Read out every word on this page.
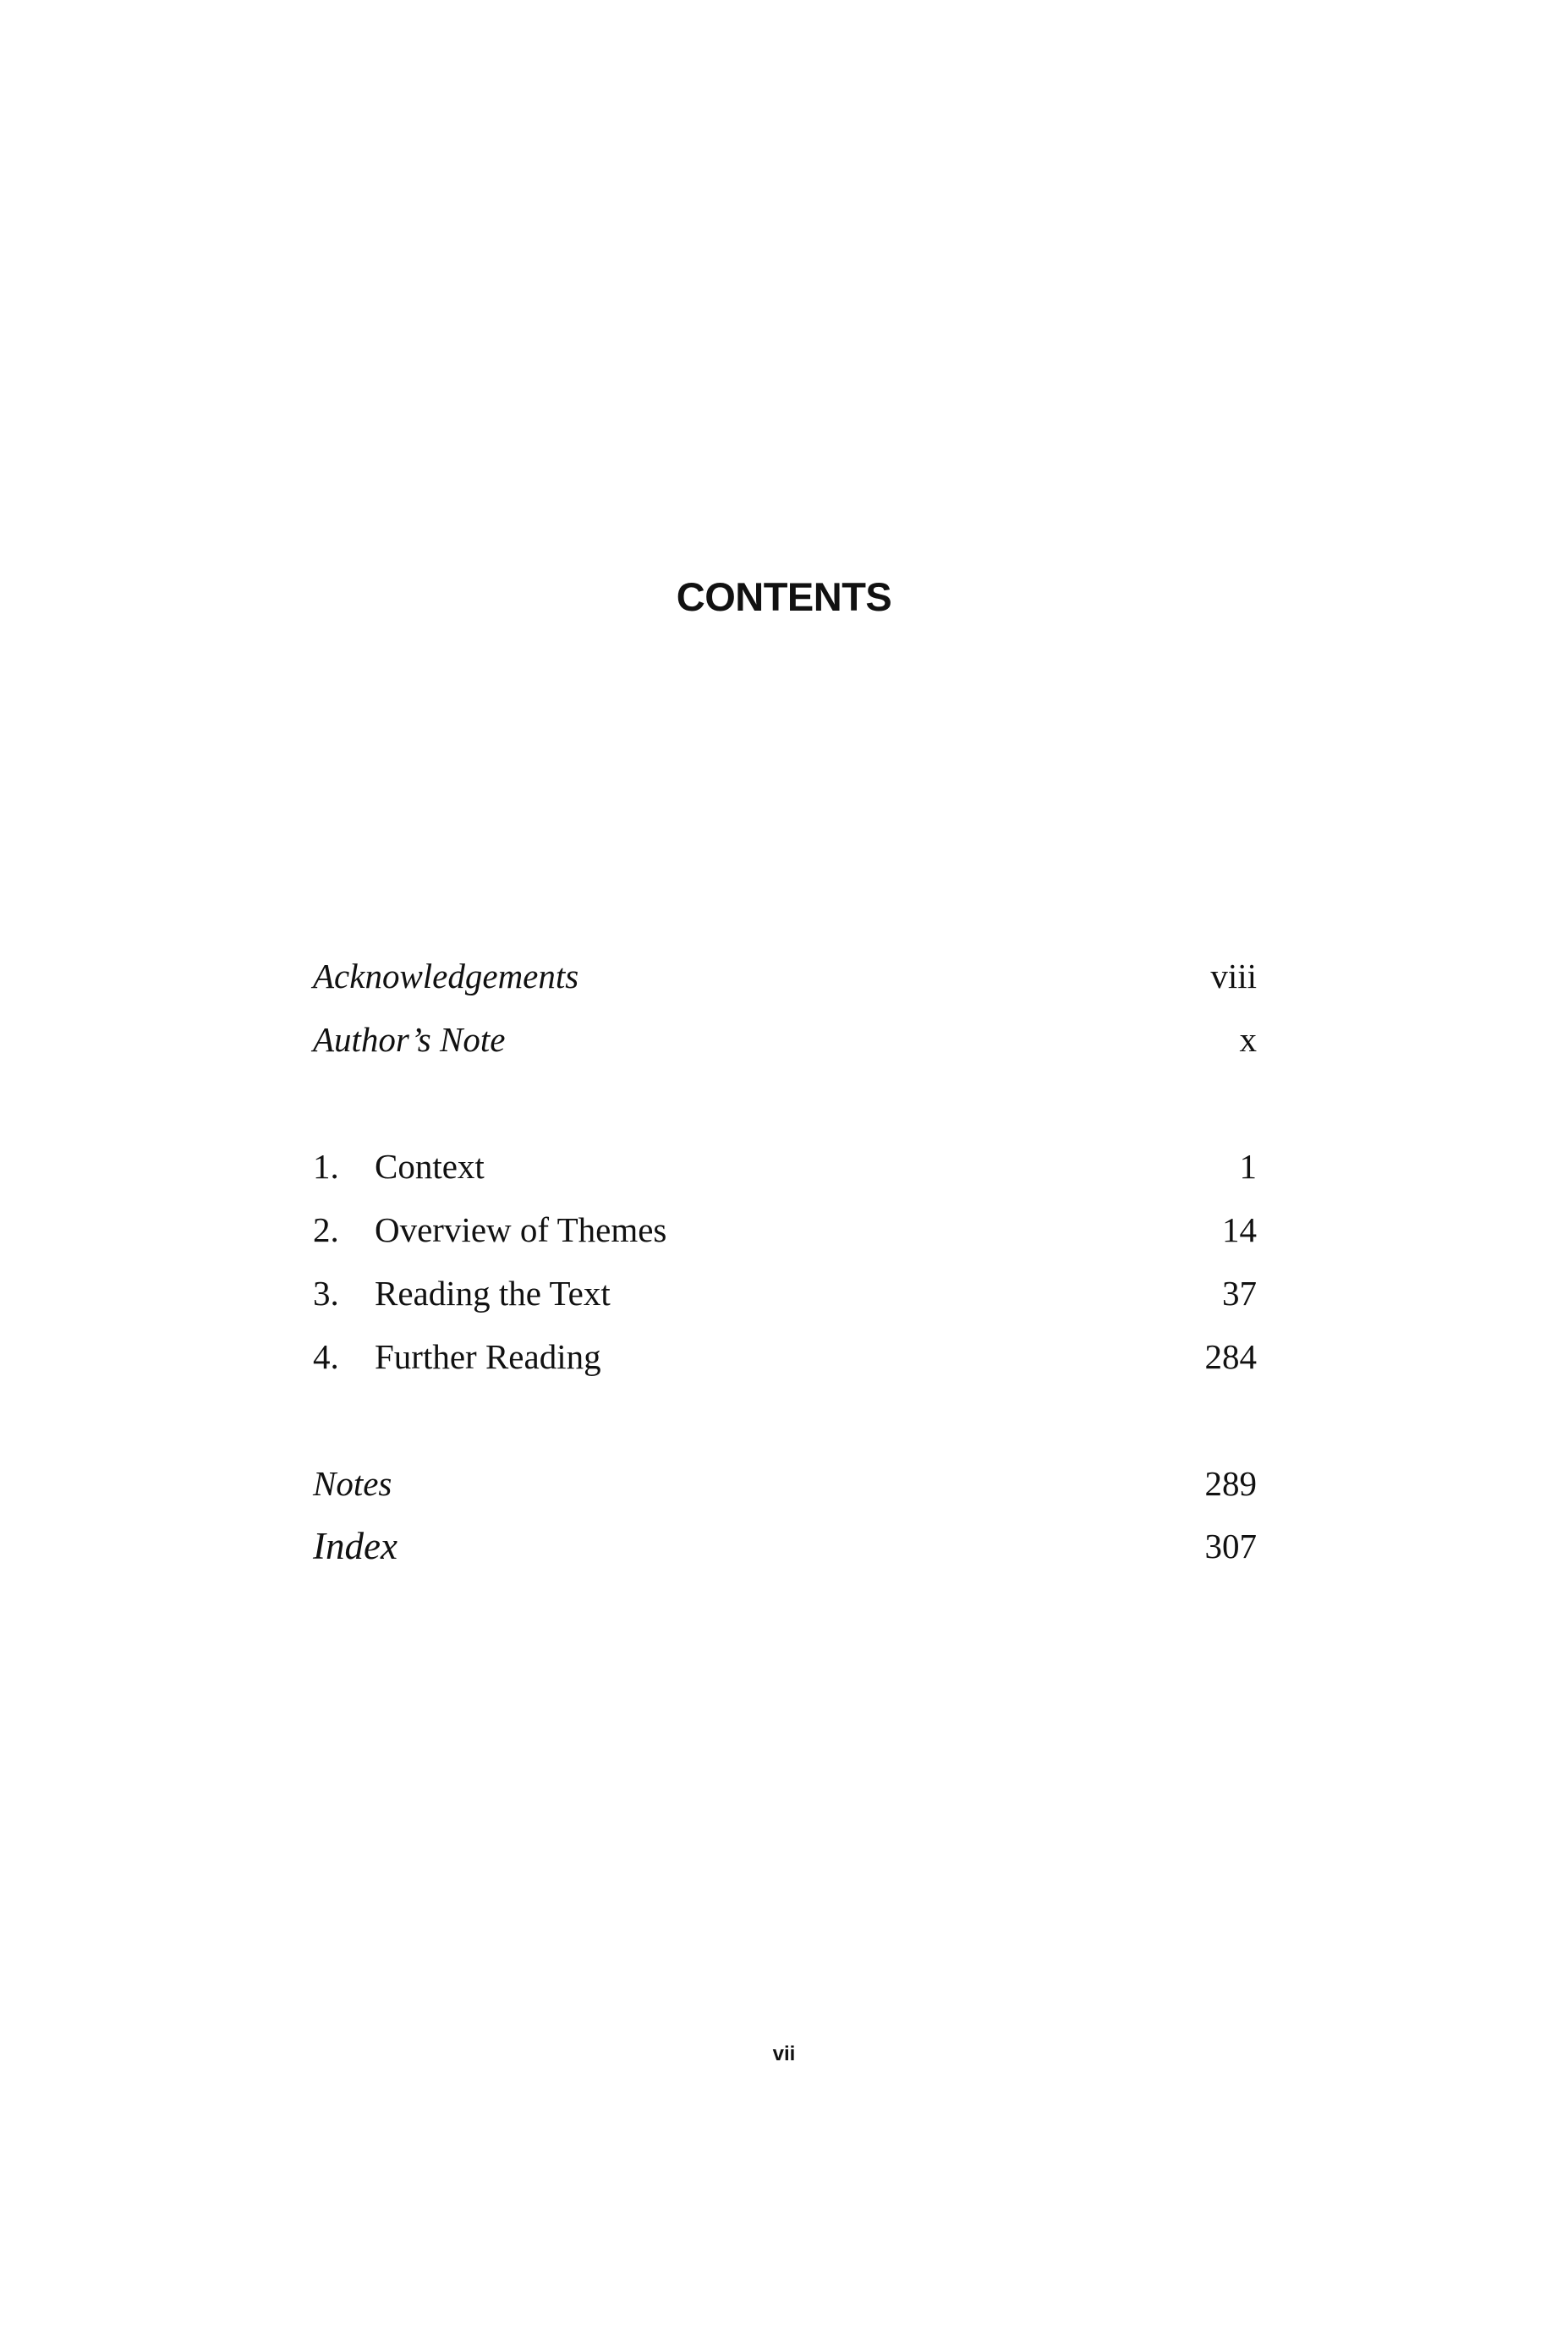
CONTENTS
Acknowledgements	viii
Author’s Note	x
1.	Context	1
2.	Overview of Themes	14
3.	Reading the Text	37
4.	Further Reading	284
Notes	289
Index	307
vii
